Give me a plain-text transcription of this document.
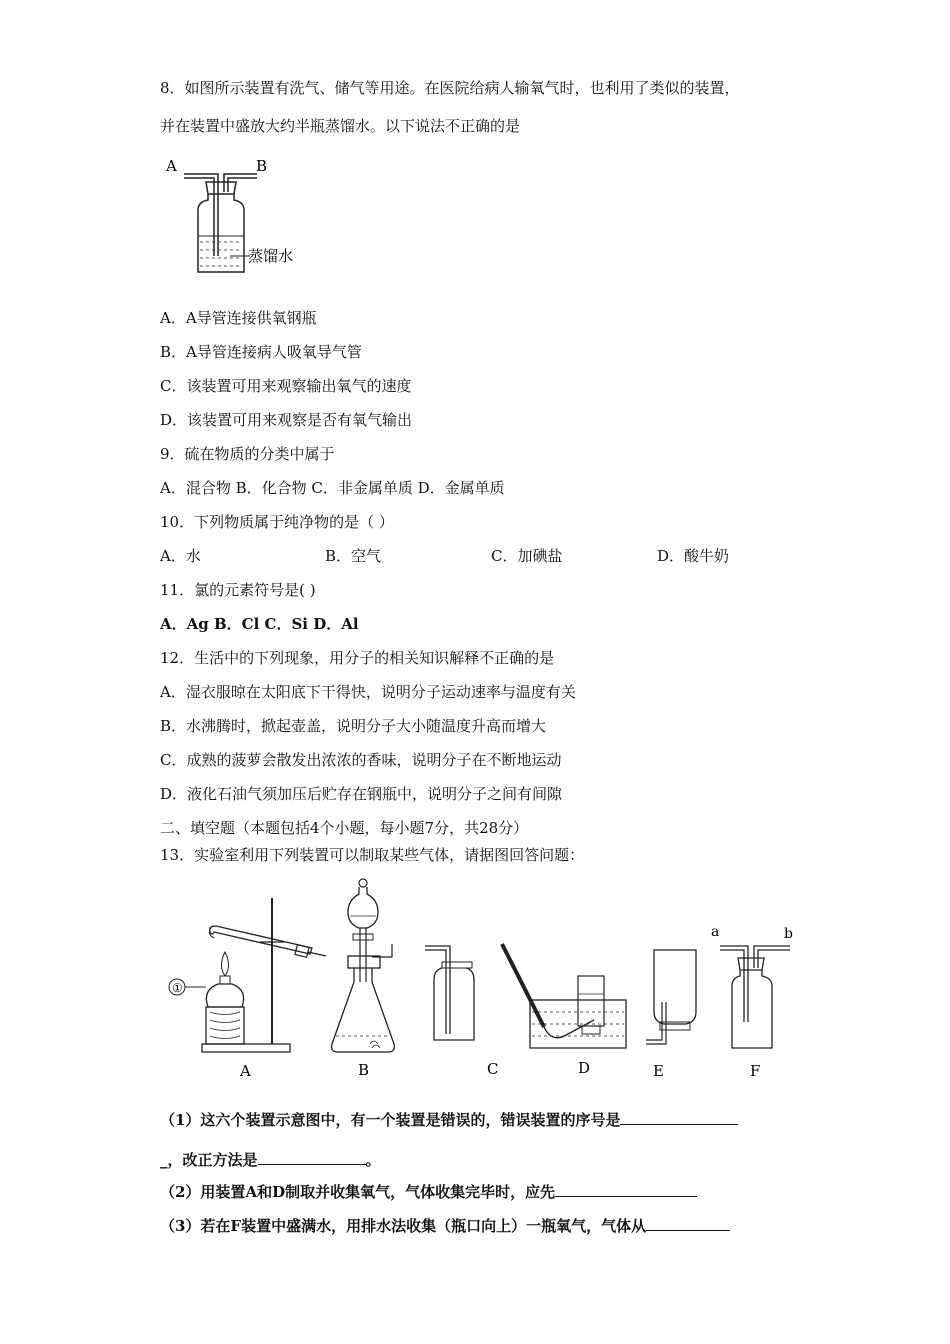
8．如图所示装置有洗气、储气等用途。在医院给病人输氧气时，也利用了类似的装置，
并在装置中盛放大约半瓶蒸馏水。以下说法不正确的是
A	B
蒸馏水
A．A导管连接供氧钢瓶
B．A导管连接病人吸氧导气管
C．该装置可用来观察输出氧气的速度
D．该装置可用来观察是否有氧气输出
9．硫在物质的分类中属于
A．混合物 B．化合物 C．非金属单质 D．金属单质
10．下列物质属于纯净物的是（ ）
A．水	B．空气	C．加碘盐	D．酸牛奶
11．氯的元素符号是( )
A．Ag B．Cl C．Si D．Al
12．生活中的下列现象，用分子的相关知识解释不正确的是
A．湿衣服晾在太阳底下干得快，说明分子运动速率与温度有关
B．水沸腾时，掀起壶盖，说明分子大小随温度升高而增大
C．成熟的菠萝会散发出浓浓的香味，说明分子在不断地运动
D．液化石油气须加压后贮存在钢瓶中，说明分子之间有间隙
二、填空题（本题包括4个小题，每小题7分，共28分）
13．实验室利用下列装置可以制取某些气体，请据图回答问题：
①
A	B	C	D	E
a	b
F
（1）这六个装置示意图中，有一个装置是错误的，错误装置的序号是
_，改正方法是	。
（2）用装置A和D制取并收集氧气，气体收集完毕时，应先
（3）若在F装置中盛满水，用排水法收集（瓶口向上）一瓶氧气，气体从
